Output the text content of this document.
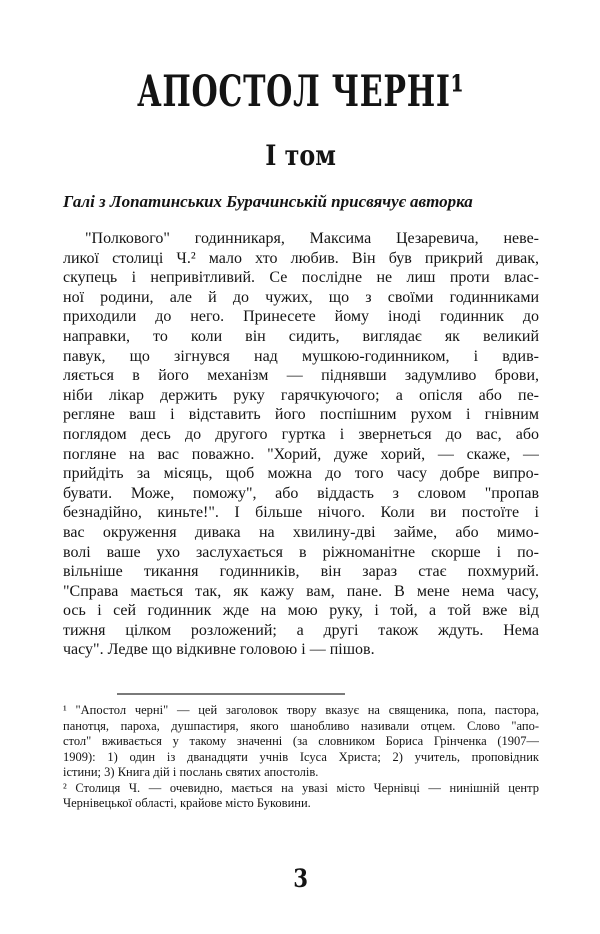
АПОСТОЛ ЧЕРНІ¹
І том
Галі з Лопатинських Бурачинській присвячує авторка
"Полкового" годинникаря, Максима Цезаревича, неве-
ликої столиці Ч.² мало хто любив. Він був прикрий дивак,
скупець і непривітливий. Се послідне не лиш проти влас-
ної родини, але й до чужих, що з своїми годинниками
приходили до него. Принесете йому іноді годинник до
направки, то коли він сидить, виглядає як великий
павук, що зігнувся над мушкою-годинником, і вдив-
ляється в його механізм — піднявши задумливо брови,
ніби лікар держить руку гарячкуючого; а опісля або пе-
регляне ваш і відставить його поспішним рухом і гнівним
поглядом десь до другого гуртка і звернеться до вас, або
погляне на вас поважно. "Хорий, дуже хорий, — скаже, —
прийдіть за місяць, щоб можна до того часу добре випро-
бувати. Може, поможу", або віддасть з словом "пропав
безнадійно, киньте!". І більше нічого. Коли ви постоїте і
вас окруження дивака на хвилину-дві займе, або мимо-
волі ваше ухо заслухається в ріжноманітне скорше і по-
вільніше тикання годинників, він зараз стає похмурий.
"Справа мається так, як кажу вам, пане. В мене нема часу,
ось і сей годинник жде на мою руку, і той, а той вже від
тижня цілком розложений; а другі також ждуть. Нема
часу". Ледве що відкивне головою і — пішов.
¹ "Апостол черні" — цей заголовок твору вказує на священика, попа, пастора,
панотця, пароха, душпастиря, якого шанобливо називали отцем. Слово "апо-
стол" вживається у такому значенні (за словником Бориса Грінченка (1907—
1909): 1) один із дванадцяти учнів Ісуса Христа; 2) учитель, проповідник
істини; 3) Книга дій і послань святих апостолів.
² Столиця Ч. — очевидно, мається на увазі місто Чернівці — нинішній центр
Чернівецької області, крайове місто Буковини.
3
